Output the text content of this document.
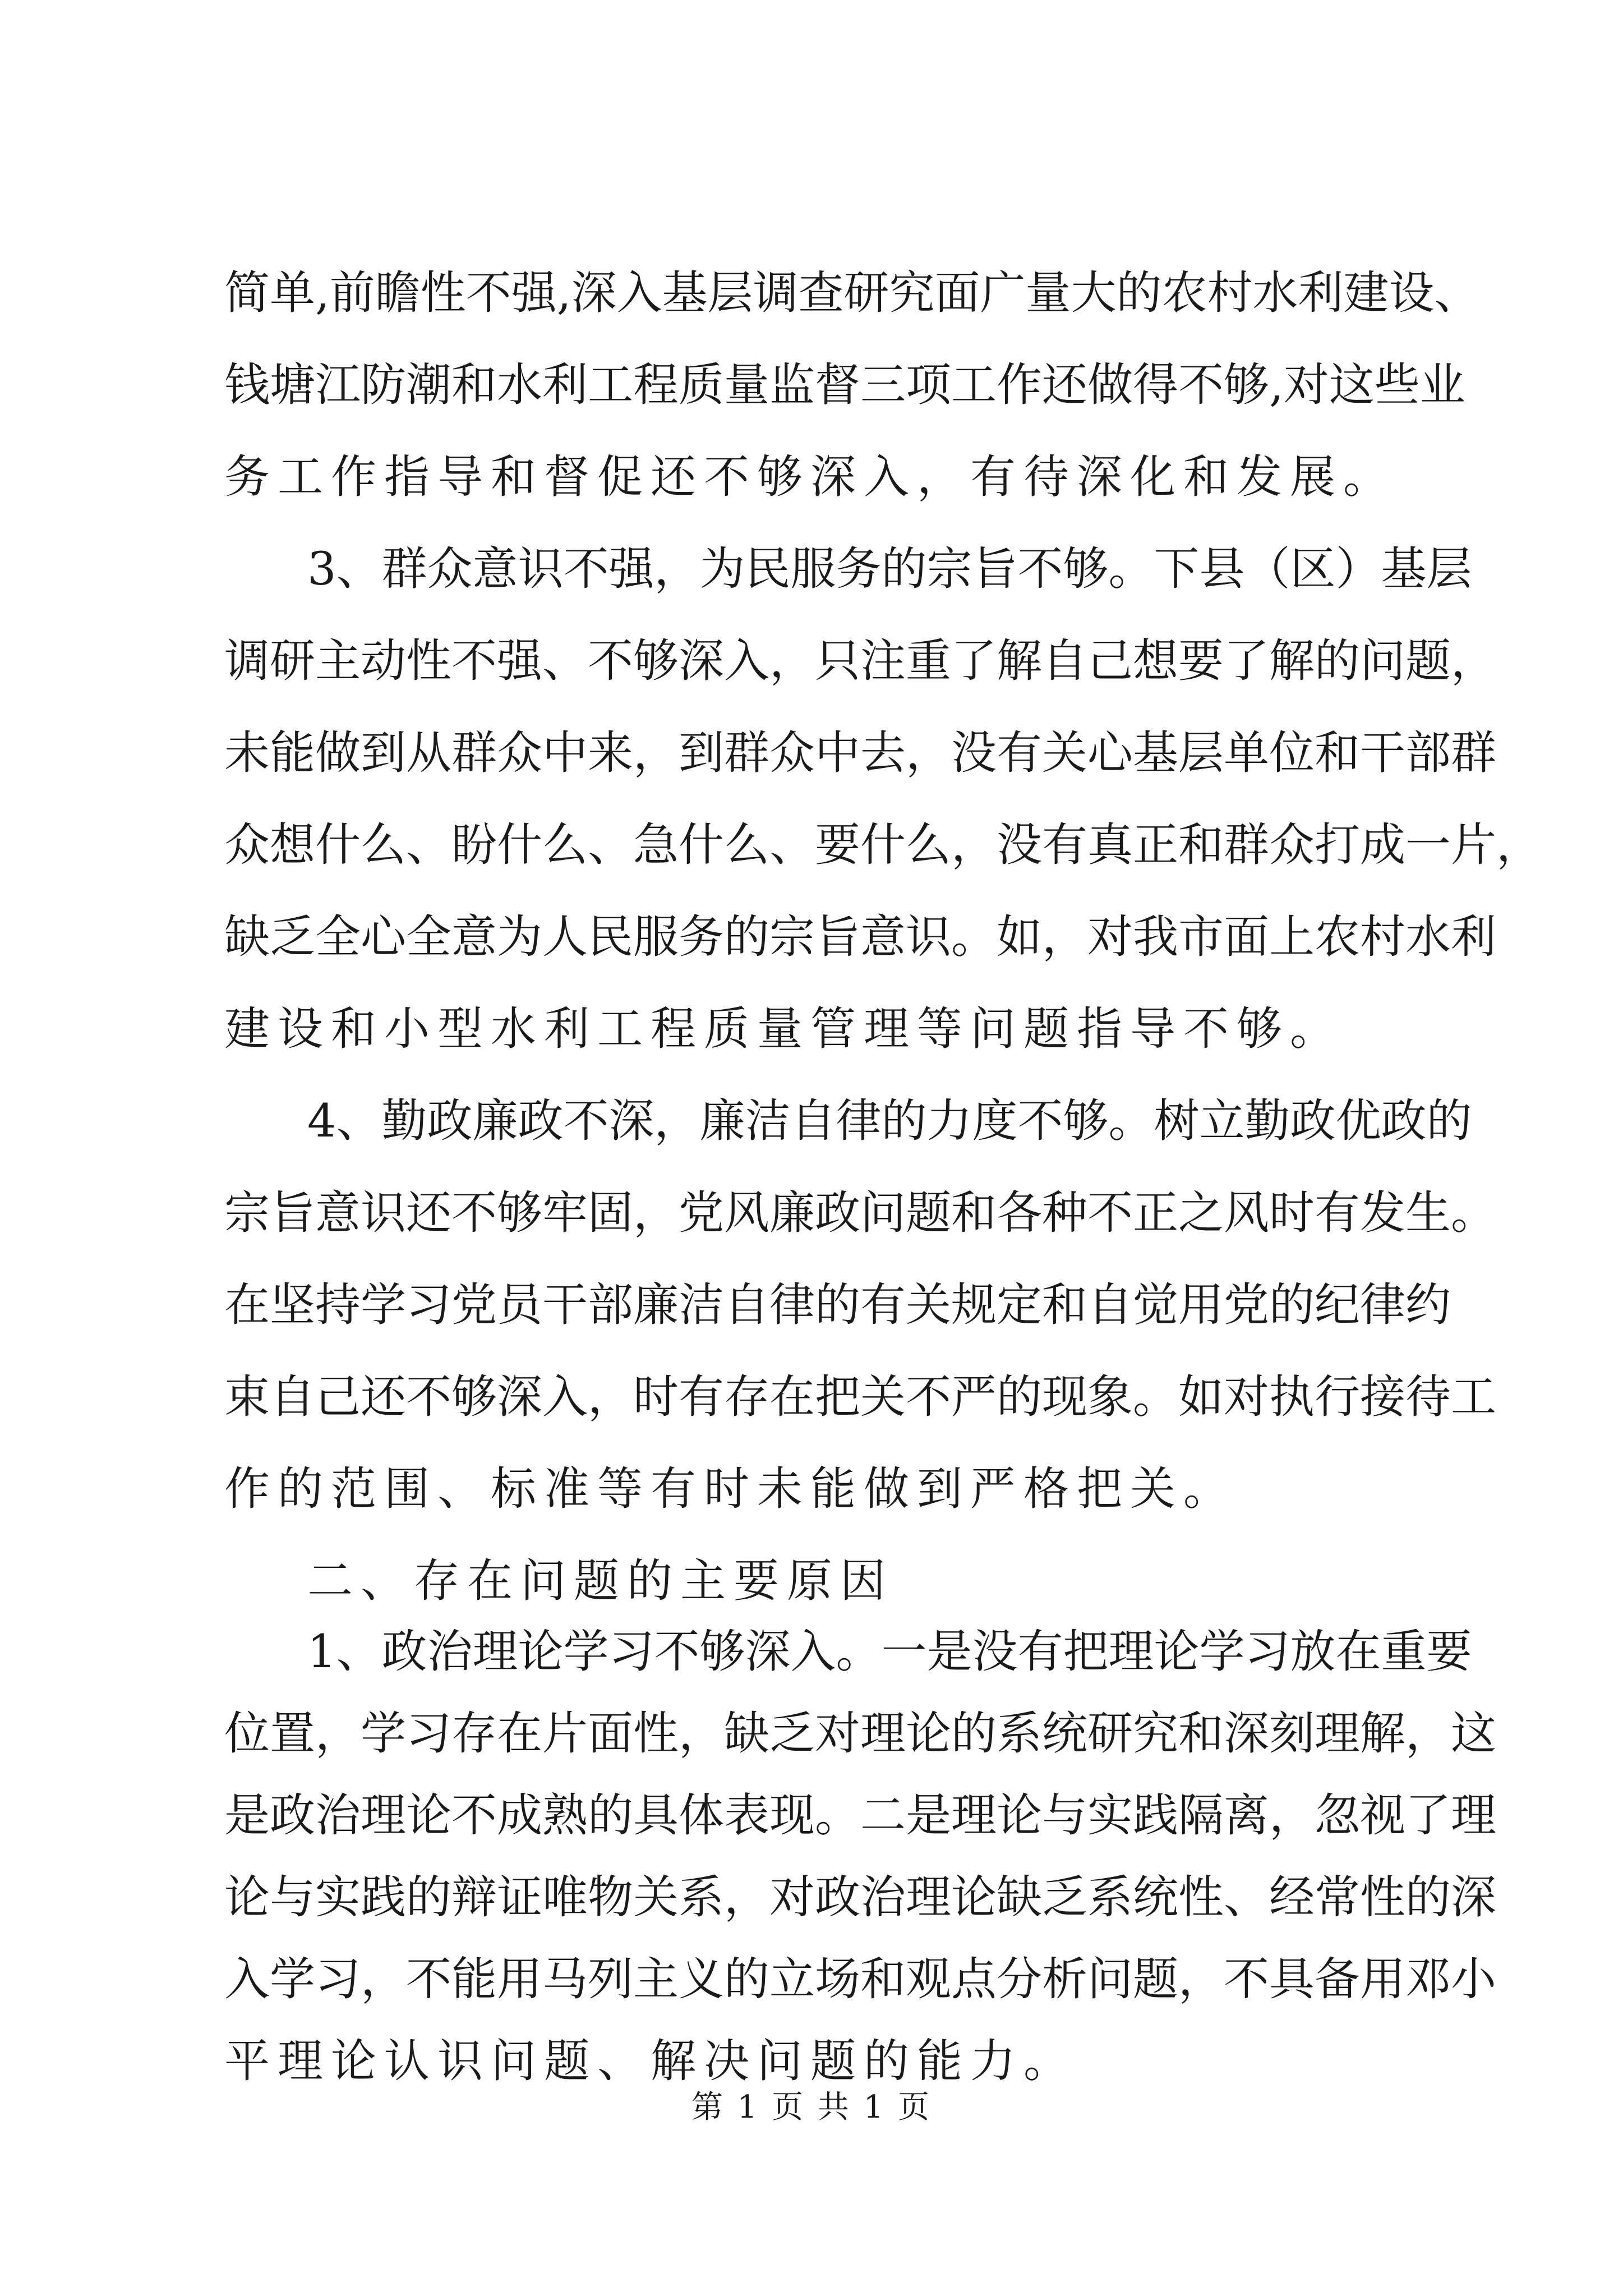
简单,前瞻性不强,深入基层调查研究面广量大的农村水利建设、
钱塘江防潮和水利工程质量监督三项工作还做得不够,对这些业
务工作指导和督促还不够深入，有待深化和发展。
3、群众意识不强，为民服务的宗旨不够。下县（区）基层
调研主动性不强、不够深入，只注重了解自己想要了解的问题，
未能做到从群众中来，到群众中去，没有关心基层单位和干部群
众想什么、盼什么、急什么、要什么，没有真正和群众打成一片，
缺乏全心全意为人民服务的宗旨意识。如，对我市面上农村水利
建设和小型水利工程质量管理等问题指导不够。
4、勤政廉政不深，廉洁自律的力度不够。树立勤政优政的
宗旨意识还不够牢固，党风廉政问题和各种不正之风时有发生。
在坚持学习党员干部廉洁自律的有关规定和自觉用党的纪律约
束自己还不够深入，时有存在把关不严的现象。如对执行接待工
作的范围、标准等有时未能做到严格把关。
二、存在问题的主要原因
1、政治理论学习不够深入。一是没有把理论学习放在重要
位置，学习存在片面性，缺乏对理论的系统研究和深刻理解，这
是政治理论不成熟的具体表现。二是理论与实践隔离，忽视了理
论与实践的辩证唯物关系，对政治理论缺乏系统性、经常性的深
入学习，不能用马列主义的立场和观点分析问题，不具备用邓小
第 1 页 共 1 页
平理论认识问题、解决问题的能力。
